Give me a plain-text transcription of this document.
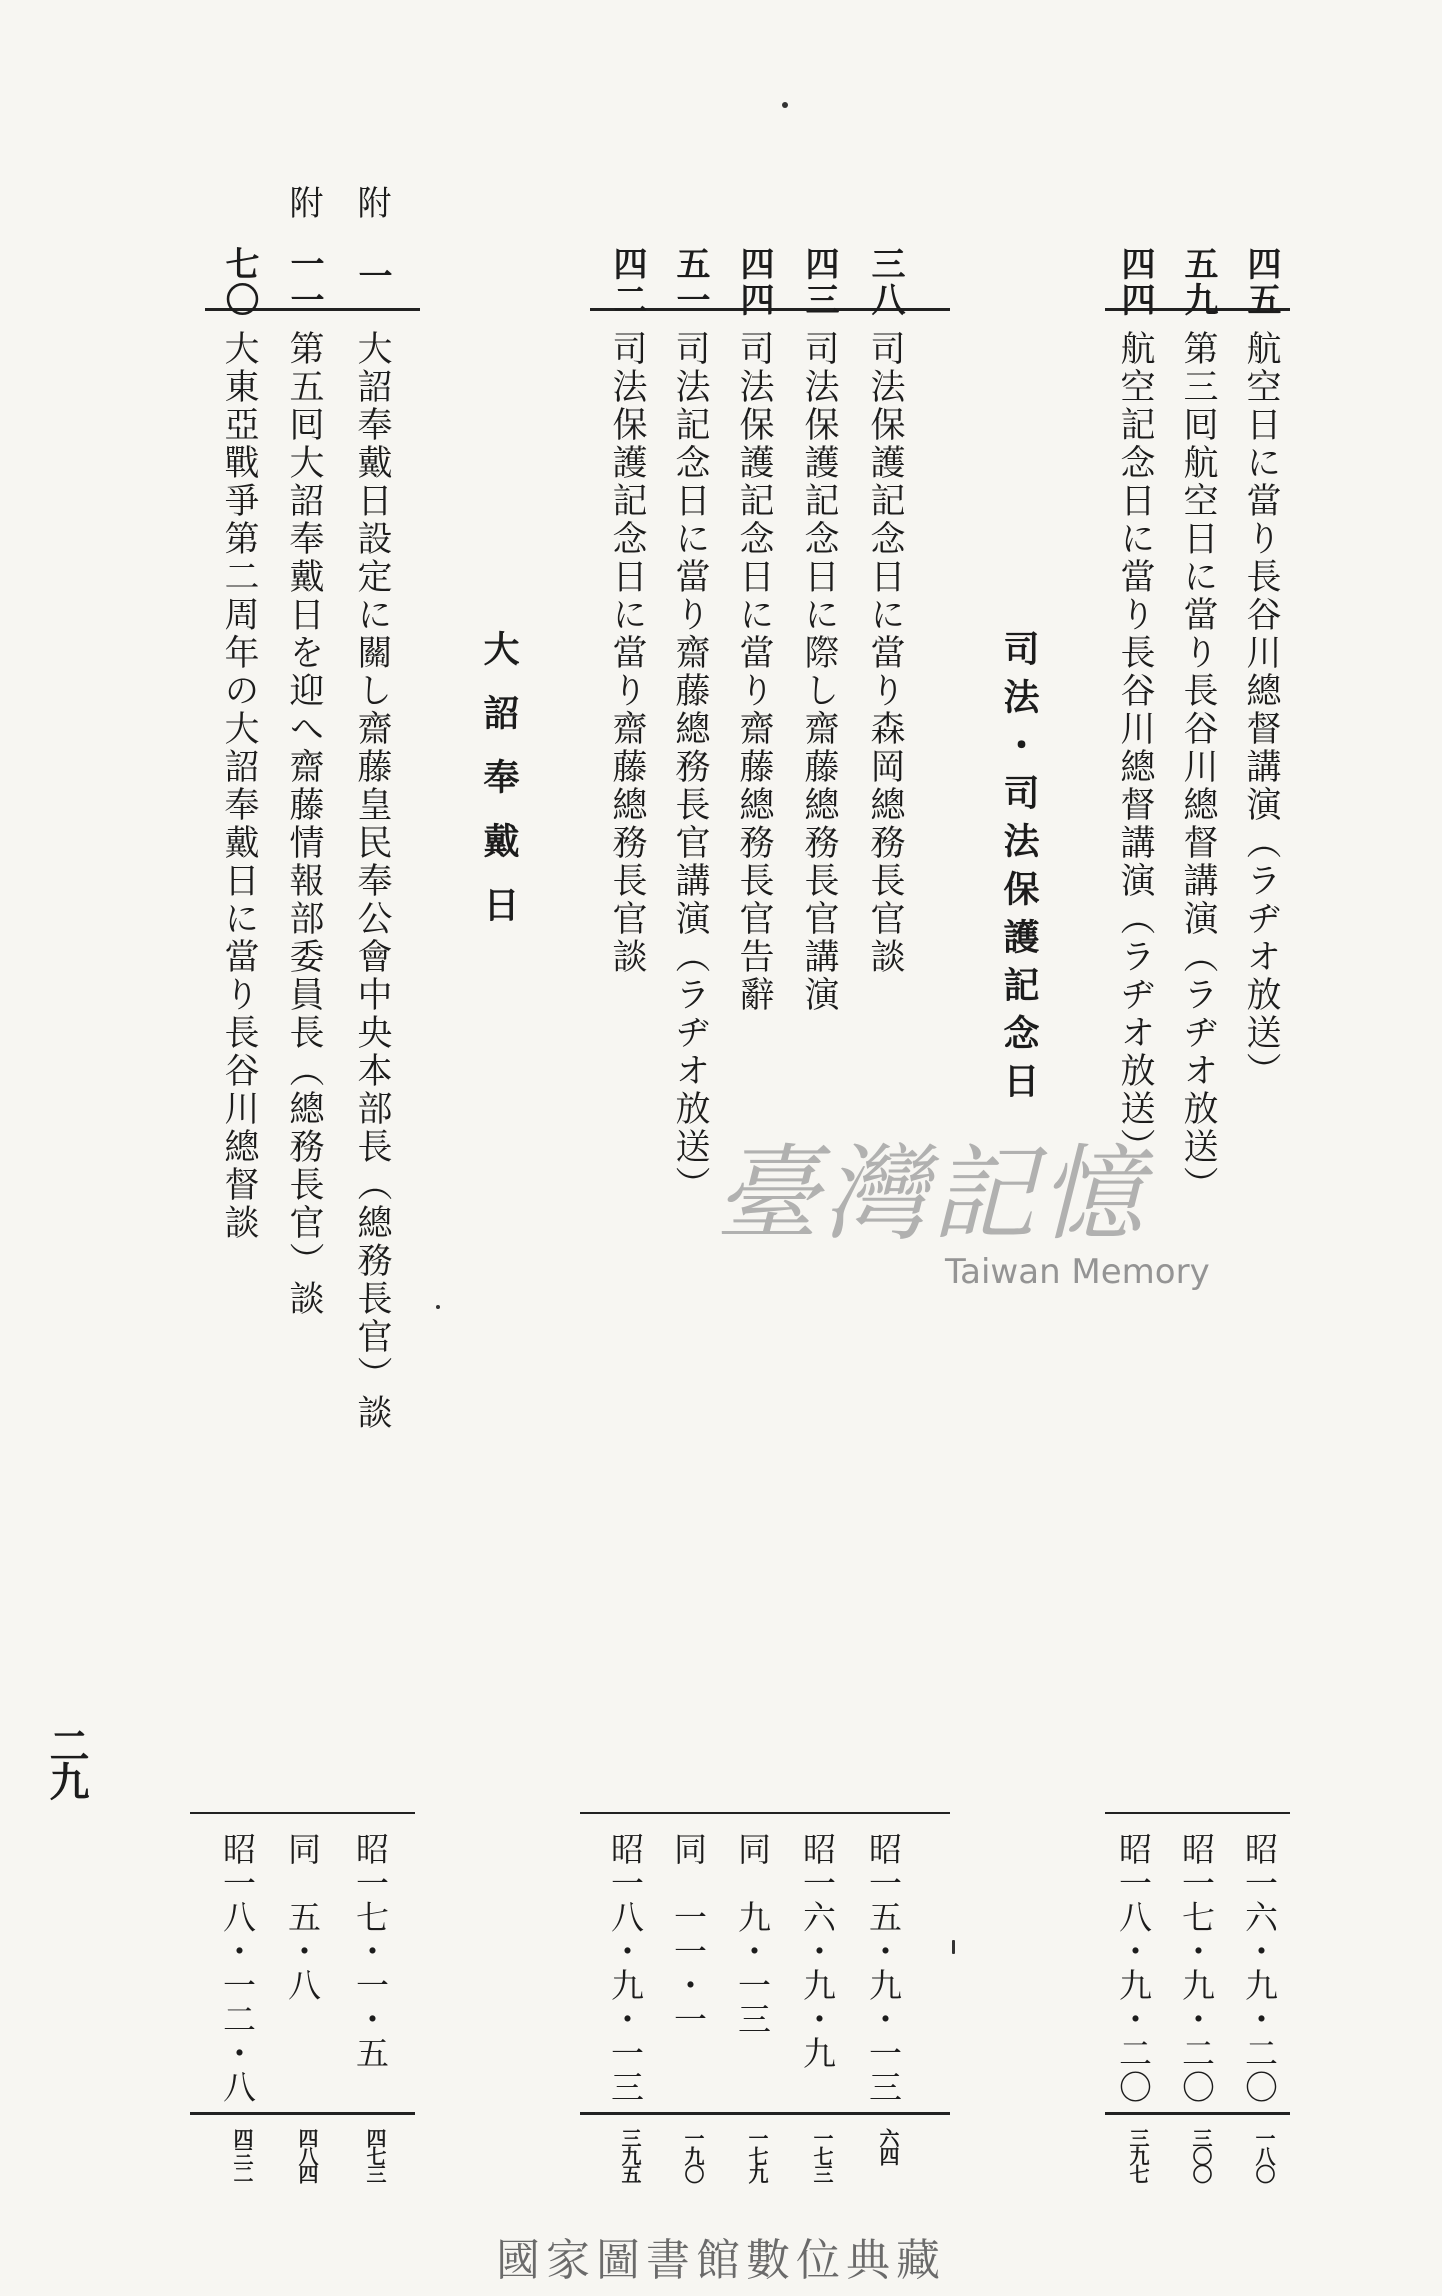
四五
航空日に當り長谷川總督講演（ラヂオ放送）
五九
第三囘航空日に當り長谷川總督講演（ラヂオ放送）
四四
航空記念日に當り長谷川總督講演（ラヂオ放送）
昭一六・九・二〇
昭一七・九・二〇
昭一八・九・二〇
一八〇
三〇〇
三九七
司法・司法保護記念日
三八
司法保護記念日に當り森岡總務長官談
四三
司法保護記念日に際し齋藤總務長官講演
四四
司法保護記念日に當り齋藤總務長官告辭
五一
司法記念日に當り齋藤總務長官講演（ラヂオ放送）
四二
司法保護記念日に當り齋藤總務長官談
昭一五・九・一三
昭一六・九・九
同　九・一三
同　一一・一
昭一八・九・一三
六四
一七三
一七九
一九〇
三九五
大詔奉戴日
附
附
一
大詔奉戴日設定に關し齋藤皇民奉公會中央本部長（總務長官）談
一一
第五囘大詔奉戴日を迎へ齋藤情報部委員長（總務長官）談
七〇
大東亞戰爭第二周年の大詔奉戴日に當り長谷川總督談
昭一七・一・五
同　五・八
昭一八・一二・八
四七三
四八四
四三二
二九
臺灣記憶
Taiwan Memory
國家圖書館數位典藏
